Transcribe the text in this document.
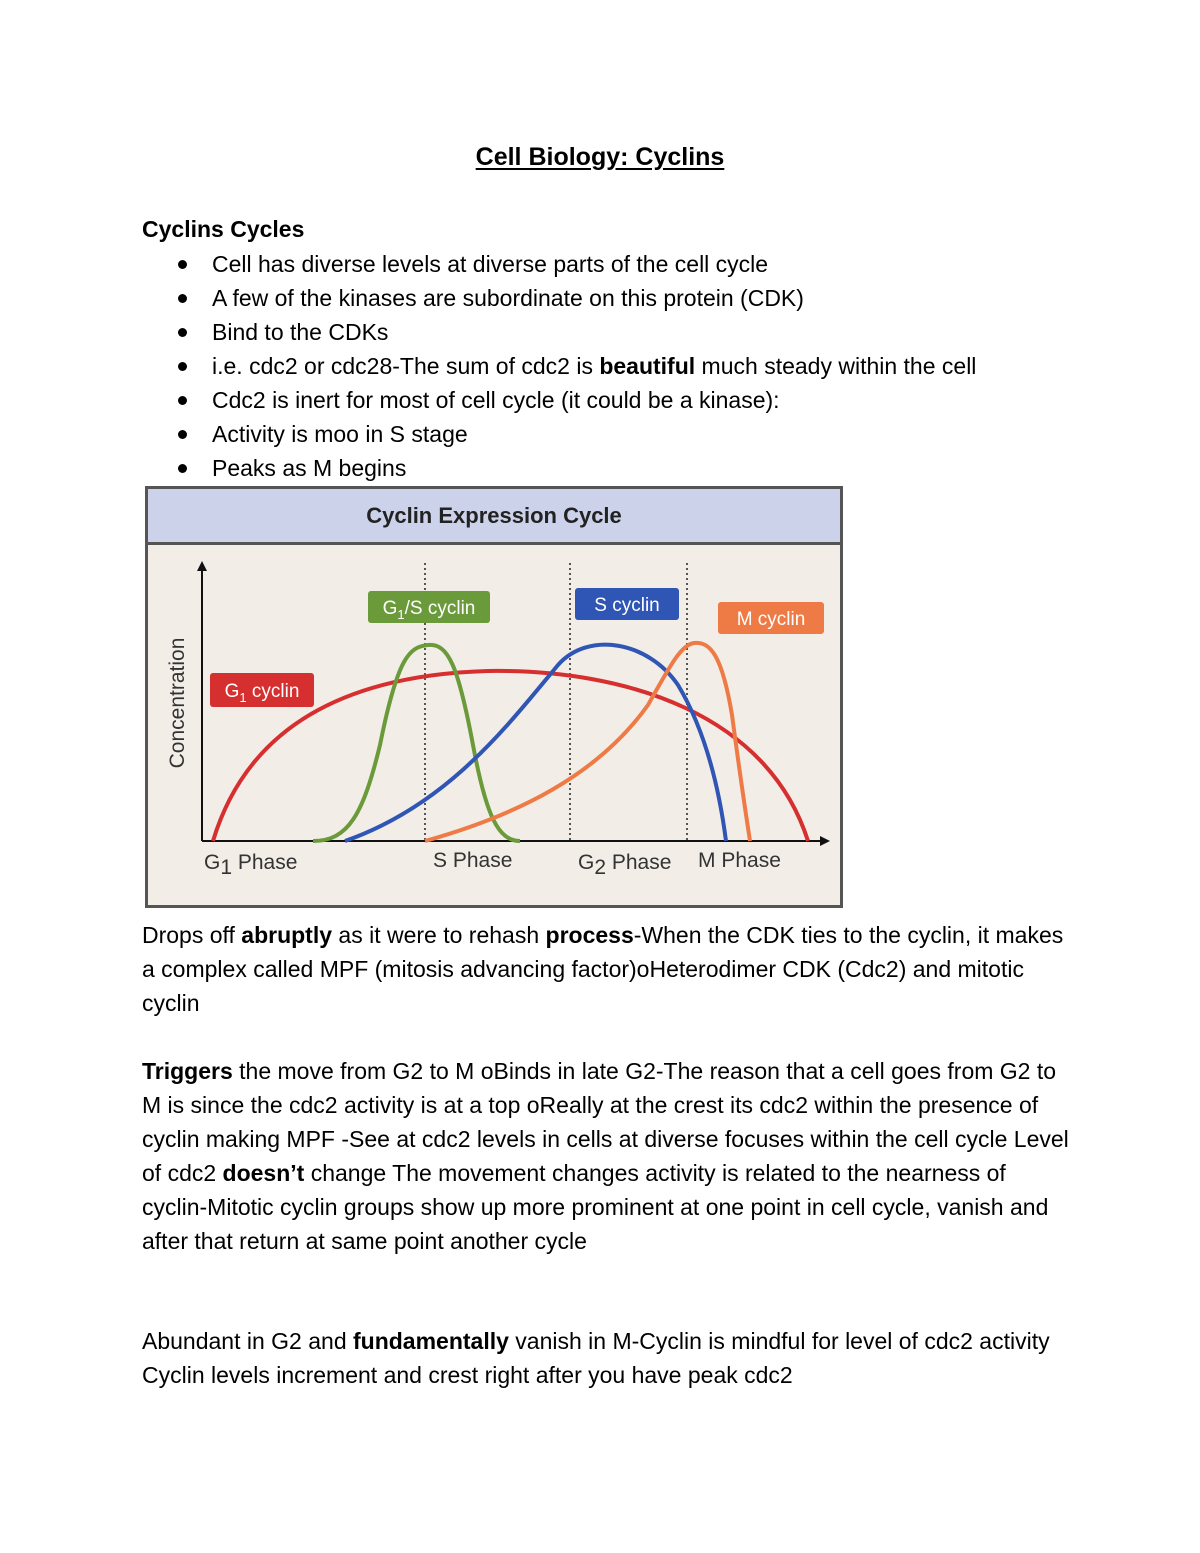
Cell Biology: Cyclins
Cyclins Cycles
Cell has diverse levels at diverse parts of the cell cycle
A few of the kinases are subordinate on this protein (CDK)
Bind to the CDKs
i.e. cdc2 or cdc28-The sum of cdc2 is beautiful much steady within the cell
Cdc2 is inert for most of cell cycle (it could be a kinase):
Activity is moo in S stage
Peaks as M begins
Cyclin Expression Cycle
$G_1$ cyclin
$G_1/S$ cyclin	S cyclin
M cyclin
Concentration
G1 Phase	S Phase	G2 Phase M Phase

Drops off abruptly as it were to rehash process-When the CDK ties to the cyclin, it makes a complex called MPF (mitosis advancing factor)oHeterodimer CDK (Cdc2) and mitotic cyclin

Triggers the move from G2 to M oBinds in late G2-The reason that a cell goes from G2 to M is since the cdc2 activity is at a top oReally at the crest its cdc2 within the presence of cyclin making MPF -See at cdc2 levels in cells at diverse focuses within the cell cycle Level of cdc2 doesn’t change The movement changes activity is related to the nearness of cyclin-Mitotic cyclin groups show up more prominent at one point in cell cycle, vanish and after that return at same point another cycle

Abundant in G2 and fundamentally vanish in M-Cyclin is mindful for level of cdc2 activity Cyclin levels increment and crest right after you have peak cdc2
